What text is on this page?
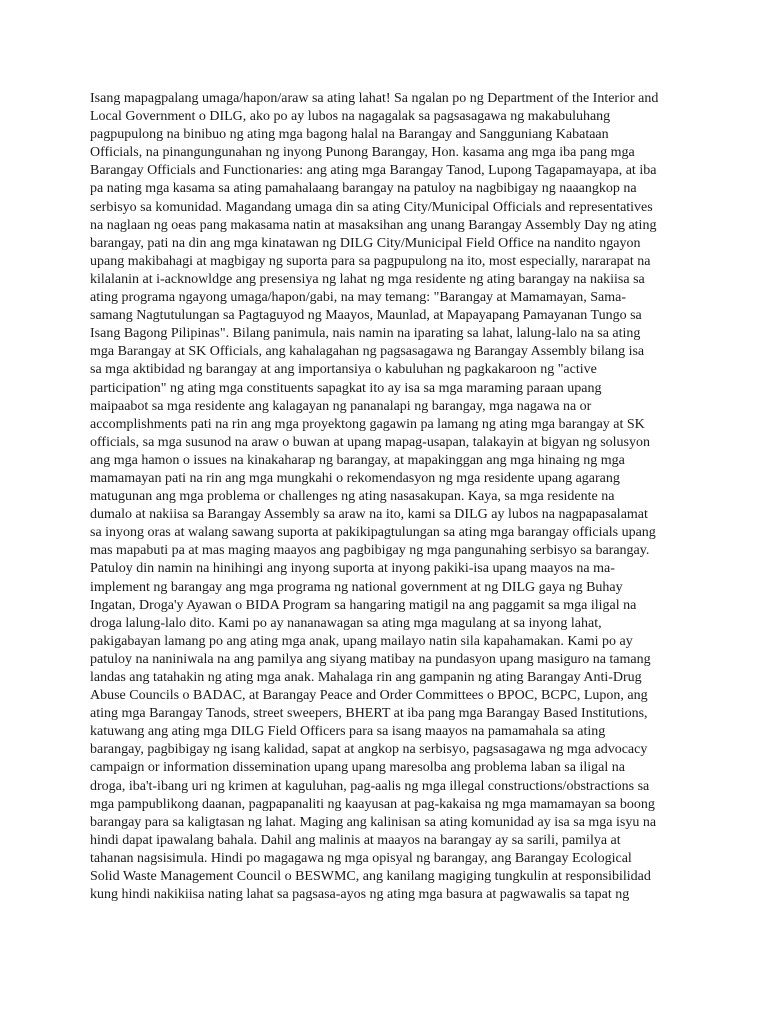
Isang mapagpalang umaga/hapon/araw sa ating lahat! Sa ngalan po ng Department of the Interior and
Local Government o DILG, ako po ay lubos na nagagalak sa pagsasagawa ng makabuluhang
pagpupulong na binibuo ng ating mga bagong halal na Barangay and Sangguniang Kabataan
Officials, na pinangungunahan ng inyong Punong Barangay, Hon. kasama ang mga iba pang mga
Barangay Officials and Functionaries: ang ating mga Barangay Tanod, Lupong Tagapamayapa, at iba
pa nating mga kasama sa ating pamahalaang barangay na patuloy na nagbibigay ng naaangkop na
serbisyo sa komunidad. Magandang umaga din sa ating City/Municipal Officials and representatives
na naglaan ng oeas pang makasama natin at masaksihan ang unang Barangay Assembly Day ng ating
barangay, pati na din ang mga kinatawan ng DILG City/Municipal Field Office na nandito ngayon
upang makibahagi at magbigay ng suporta para sa pagpupulong na ito, most especially, nararapat na
kilalanin at i-acknowldge ang presensiya ng lahat ng mga residente ng ating barangay na nakiisa sa
ating programa ngayong umaga/hapon/gabi, na may temang: "Barangay at Mamamayan, Sama-
samang Nagtutulungan sa Pagtaguyod ng Maayos, Maunlad, at Mapayapang Pamayanan Tungo sa
Isang Bagong Pilipinas". Bilang panimula, nais namin na iparating sa lahat, lalung-lalo na sa ating
mga Barangay at SK Officials, ang kahalagahan ng pagsasagawa ng Barangay Assembly bilang isa
sa mga aktibidad ng barangay at ang importansiya o kabuluhan ng pagkakaroon ng "active
participation" ng ating mga constituents sapagkat ito ay isa sa mga maraming paraan upang
maipaabot sa mga residente ang kalagayan ng pananalapi ng barangay, mga nagawa na or
accomplishments pati na rin ang mga proyektong gagawin pa lamang ng ating mga barangay at SK
officials, sa mga susunod na araw o buwan at upang mapag-usapan, talakayin at bigyan ng solusyon
ang mga hamon o issues na kinakaharap ng barangay, at mapakinggan ang mga hinaing ng mga
mamamayan pati na rin ang mga mungkahi o rekomendasyon ng mga residente upang agarang
matugunan ang mga problema or challenges ng ating nasasakupan. Kaya, sa mga residente na
dumalo at nakiisa sa Barangay Assembly sa araw na ito, kami sa DILG ay lubos na nagpapasalamat
sa inyong oras at walang sawang suporta at pakikipagtulungan sa ating mga barangay officials upang
mas mapabuti pa at mas maging maayos ang pagbibigay ng mga pangunahing serbisyo sa barangay.
Patuloy din namin na hinihingi ang inyong suporta at inyong pakiki-isa upang maayos na ma-
implement ng barangay ang mga programa ng national government at ng DILG gaya ng Buhay
Ingatan, Droga'y Ayawan o BIDA Program sa hangaring matigil na ang paggamit sa mga iligal na
droga lalung-lalo dito. Kami po ay nananawagan sa ating mga magulang at sa inyong lahat,
pakigabayan lamang po ang ating mga anak, upang mailayo natin sila kapahamakan. Kami po ay
patuloy na naniniwala na ang pamilya ang siyang matibay na pundasyon upang masiguro na tamang
landas ang tatahakin ng ating mga anak. Mahalaga rin ang gampanin ng ating Barangay Anti-Drug
Abuse Councils o BADAC, at Barangay Peace and Order Committees o BPOC, BCPC, Lupon, ang
ating mga Barangay Tanods, street sweepers, BHERT at iba pang mga Barangay Based Institutions,
katuwang ang ating mga DILG Field Officers para sa isang maayos na pamamahala sa ating
barangay, pagbibigay ng isang kalidad, sapat at angkop na serbisyo, pagsasagawa ng mga advocacy
campaign or information dissemination upang upang maresolba ang problema laban sa iligal na
droga, iba't-ibang uri ng krimen at kaguluhan, pag-aalis ng mga illegal constructions/obstractions sa
mga pampublikong daanan, pagpapanaliti ng kaayusan at pag-kakaisa ng mga mamamayan sa boong
barangay para sa kaligtasan ng lahat. Maging ang kalinisan sa ating komunidad ay isa sa mga isyu na
hindi dapat ipawalang bahala. Dahil ang malinis at maayos na barangay ay sa sarili, pamilya at
tahanan nagsisimula. Hindi po magagawa ng mga opisyal ng barangay, ang Barangay Ecological
Solid Waste Management Council o BESWMC, ang kanilang magiging tungkulin at responsibilidad
kung hindi nakikiisa nating lahat sa pagsasa-ayos ng ating mga basura at pagwawalis sa tapat ng
